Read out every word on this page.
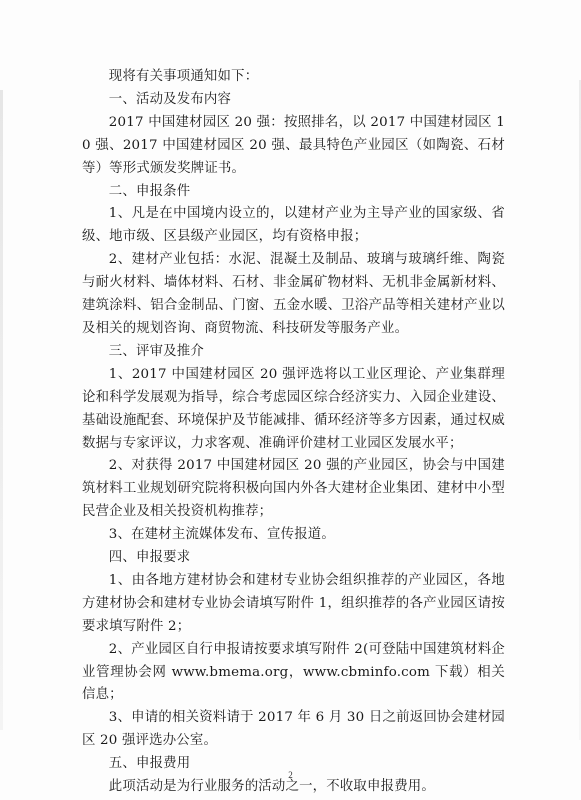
现将有关事项通知如下：

一、活动及发布内容

2017 中国建材园区 20 强：按照排名，以 2017 中国建材园区 10 强、2017 中国建材园区 20 强、最具特色产业园区（如陶瓷、石材等）等形式颁发奖牌证书。

二、申报条件

1、凡是在中国境内设立的，以建材产业为主导产业的国家级、省级、地市级、区县级产业园区，均有资格申报；

2、建材产业包括：水泥、混凝土及制品、玻璃与玻璃纤维、陶瓷与耐火材料、墙体材料、石材、非金属矿物材料、无机非金属新材料、建筑涂料、铝合金制品、门窗、五金水暖、卫浴产品等相关建材产业以及相关的规划咨询、商贸物流、科技研发等服务产业。

三、评审及推介

1、2017 中国建材园区 20 强评选将以工业区理论、产业集群理论和科学发展观为指导，综合考虑园区综合经济实力、入园企业建设、基础设施配套、环境保护及节能减排、循环经济等多方因素，通过权威数据与专家评议，力求客观、准确评价建材工业园区发展水平；

2、对获得 2017 中国建材园区 20 强的产业园区，协会与中国建筑材料工业规划研究院将积极向国内外各大建材企业集团、建材中小型民营企业及相关投资机构推荐；

3、在建材主流媒体发布、宣传报道。

四、申报要求

1、由各地方建材协会和建材专业协会组织推荐的产业园区，各地方建材协会和建材专业协会请填写附件 1，组织推荐的各产业园区请按要求填写附件 2；

2、产业园区自行申报请按要求填写附件 2(可登陆中国建筑材料企业管理协会网 www.bmema.org，www.cbminfo.com 下载）相关信息；

3、申请的相关资料请于 2017 年 6 月 30 日之前返回协会建材园区 20 强评选办公室。

五、申报费用

此项活动是为行业服务的活动之一，不收取申报费用。

2
